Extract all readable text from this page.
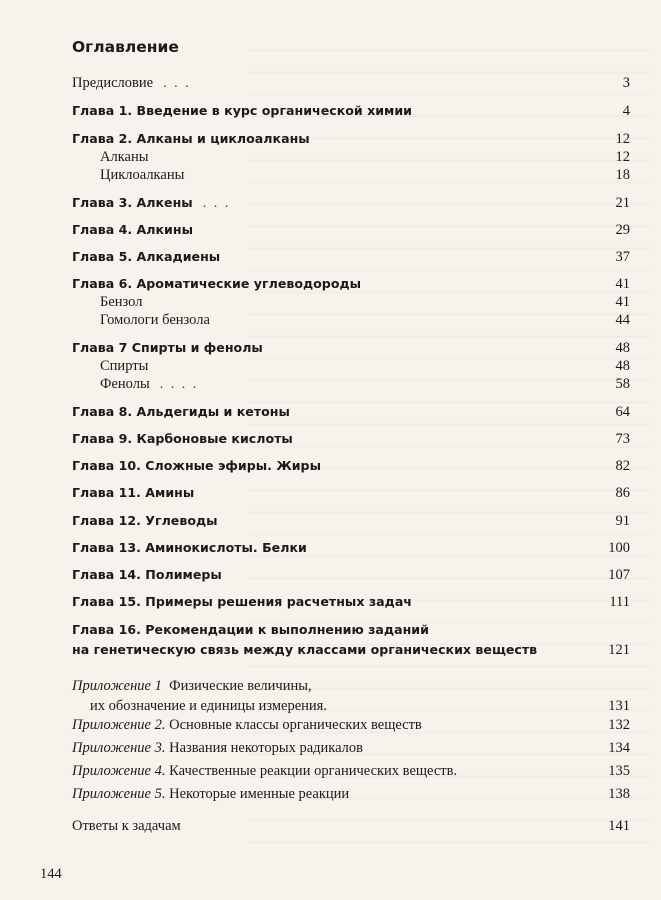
Оглавление
Предисловие . . .	3
Глава 1. Введение в курс органической химии	4
Глава 2. Алканы и циклоалканы	12
Алканы	12
Циклоалканы	18
Глава 3. Алкены . . .	21
Глава 4. Алкины	29
Глава 5. Алкадиены	37
Глава 6. Ароматические углеводороды	41
Бензол	41
Гомологи бензола	44
Глава 7 Спирты и фенолы	48
Спирты	48
Фенолы . . . .	58
Глава 8. Альдегиды и кетоны	64
Глава 9. Карбоновые кислоты	73
Глава 10. Сложные эфиры. Жиры	82
Глава 11. Амины	86
Глава 12. Углеводы	91
Глава 13. Аминокислоты. Белки	100
Глава 14. Полимеры	107
Глава 15. Примеры решения расчетных задач	111
Глава 16. Рекомендации к выполнению заданий
на генетическую связь между классами органических веществ	121
Приложение 1 Физические величины,
их обозначение и единицы измерения.	131
Приложение 2. Основные классы органических веществ	132
Приложение 3. Названия некоторых радикалов	134
Приложение 4. Качественные реакции органических веществ.	135
Приложение 5. Некоторые именные реакции	138
Ответы к задачам	141
144
